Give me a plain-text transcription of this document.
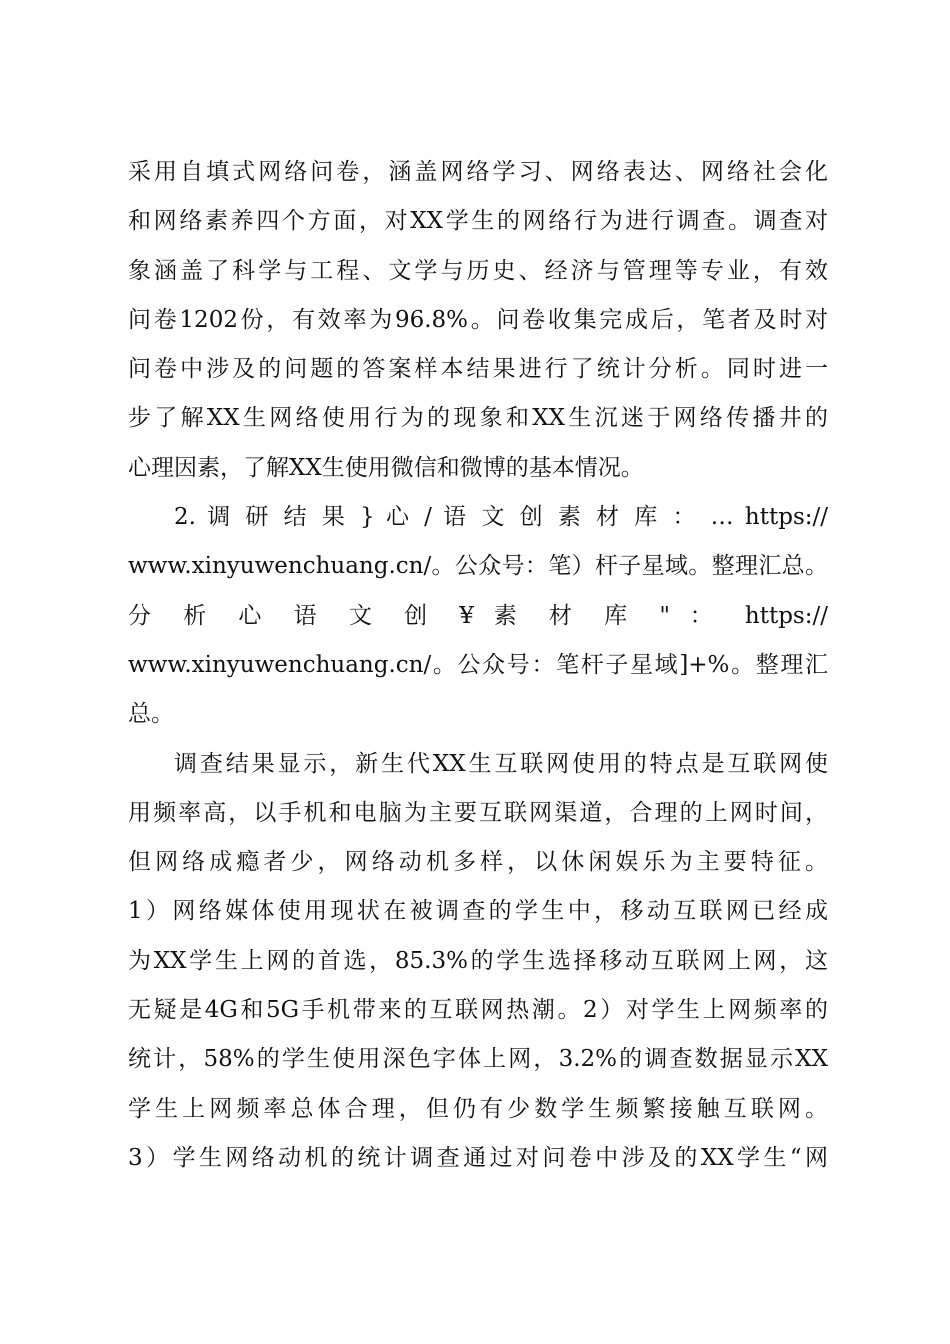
采用自填式网络问卷，涵盖网络学习、网络表达、网络社会化
和网络素养四个方面，对XX学生的网络行为进行调查。调查对
象涵盖了科学与工程、文学与历史、经济与管理等专业，有效
问卷1202份，有效率为96.8%。问卷收集完成后，笔者及时对
问卷中涉及的问题的答案样本结果进行了统计分析。同时进一
步了解XX生网络使用行为的现象和XX生沉迷于网络传播井的
心理因素，了解XX生使用微信和微博的基本情况。
2. 调 研 结 果 } 心 / 语 文 创 素 材 库 ： … https://
www.xinyuwenchuang.cn/。公众号：笔）杆子星域。整理汇总。
分 析 心 语 文 创 ¥ 素 材 库 " ： https://
www.xinyuwenchuang.cn/。公众号：笔杆子星域]+%。整理汇
总。
调查结果显示，新生代XX生互联网使用的特点是互联网使
用频率高，以手机和电脑为主要互联网渠道，合理的上网时间，
但网络成瘾者少，网络动机多样，以休闲娱乐为主要特征。
1）网络媒体使用现状在被调查的学生中，移动互联网已经成
为XX学生上网的首选，85.3%的学生选择移动互联网上网，这
无疑是4G和5G手机带来的互联网热潮。2）对学生上网频率的
统计，58%的学生使用深色字体上网，3.2%的调查数据显示XX
学生上网频率总体合理，但仍有少数学生频繁接触互联网。
3）学生网络动机的统计调查通过对问卷中涉及的XX学生“网
